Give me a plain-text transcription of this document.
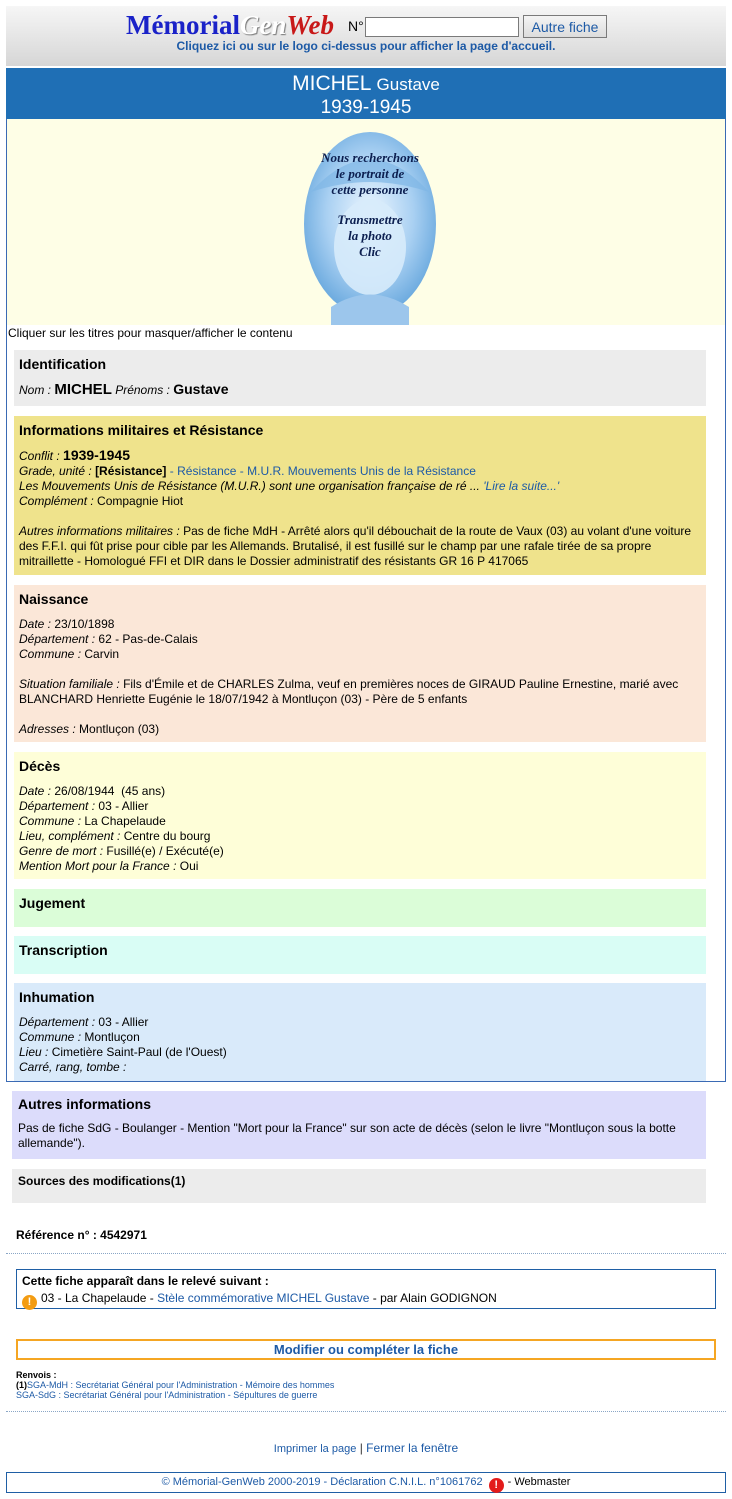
MémorialGenWeb N°	Autre fiche
Cliquez ici ou sur le logo ci-dessus pour afficher la page d'accueil.
MICHEL Gustave
1939-1945
Nous recherchons
le portrait de
cette personne
Transmettre
la photo
Clic
Cliquer sur les titres pour masquer/afficher le contenu
Identification
Nom : MICHEL Prénoms : Gustave
Informations militaires et Résistance
Conflit : 1939-1945
Grade, unité : [Résistance] - Résistance - M.U.R. Mouvements Unis de la Résistance
Les Mouvements Unis de Résistance (M.U.R.) sont une organisation française de ré ... 'Lire la suite...'
Complément : Compagnie Hiot
Autres informations militaires : Pas de fiche MdH - Arrêté alors qu'il débouchait de la route de Vaux (03) au volant d'une voiture des F.F.I. qui fût prise pour cible par les Allemands. Brutalisé, il est fusillé sur le champ par une rafale tirée de sa propre mitraillette - Homologué FFI et DIR dans le Dossier administratif des résistants GR 16 P 417065
Naissance
Date : 23/10/1898
Département : 62 - Pas-de-Calais
Commune : Carvin
Situation familiale : Fils d'Émile et de CHARLES Zulma, veuf en premières noces de GIRAUD Pauline Ernestine, marié avec BLANCHARD Henriette Eugénie le 18/07/1942 à Montluçon (03) - Père de 5 enfants
Adresses : Montluçon (03)
Décès
Date : 26/08/1944  (45 ans)
Département : 03 - Allier
Commune : La Chapelaude
Lieu, complément : Centre du bourg
Genre de mort : Fusillé(e) / Exécuté(e)
Mention Mort pour la France : Oui
Jugement
Transcription
Inhumation
Département : 03 - Allier
Commune : Montluçon
Lieu : Cimetière Saint-Paul (de l'Ouest)
Carré, rang, tombe :
Autres informations
Pas de fiche SdG - Boulanger - Mention "Mort pour la France" sur son acte de décès (selon le livre "Montluçon sous la botte allemande").
Sources des modifications(1)
Référence n° : 4542971
Cette fiche apparaît dans le relevé suivant :
! 03 - La Chapelaude - Stèle commémorative MICHEL Gustave - par Alain GODIGNON
Modifier ou compléter la fiche
Renvois :
(1)SGA-MdH : Secrétariat Général pour l'Administration - Mémoire des hommes
SGA-SdG : Secrétariat Général pour l'Administration - Sépultures de guerre
Imprimer la page | Fermer la fenêtre
© Mémorial-GenWeb 2000-2019 - Déclaration C.N.I.L. n°1061762 ! - Webmaster
